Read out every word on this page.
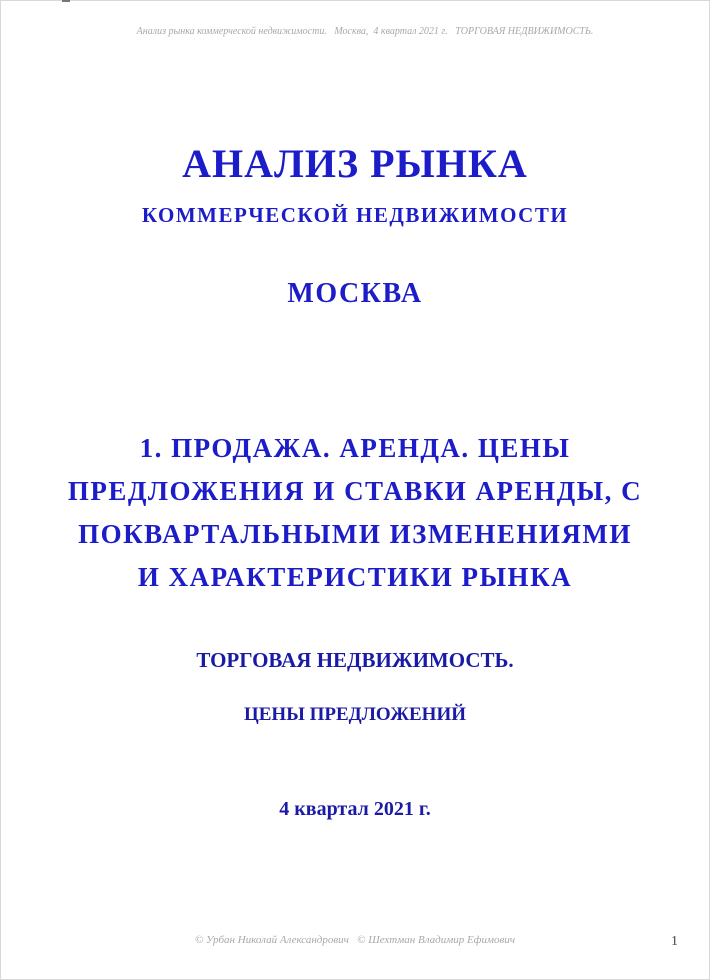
Анализ рынка коммерческой недвижимости.   Москва,  4 квартал 2021 г.   ТОРГОВАЯ НЕДВИЖИМОСТЬ.
АНАЛИЗ РЫНКА
КОММЕРЧЕСКОЙ НЕДВИЖИМОСТИ
МОСКВА
1. ПРОДАЖА. АРЕНДА. ЦЕНЫ
ПРЕДЛОЖЕНИЯ И СТАВКИ АРЕНДЫ, С
ПОКВАРТАЛЬНЫМИ ИЗМЕНЕНИЯМИ
И ХАРАКТЕРИСТИКИ РЫНКА
ТОРГОВАЯ НЕДВИЖИМОСТЬ.
ЦЕНЫ ПРЕДЛОЖЕНИЙ
4 квартал 2021 г.
© Урбан Николай Александрович   © Шехтман Владимир Ефимович	1
